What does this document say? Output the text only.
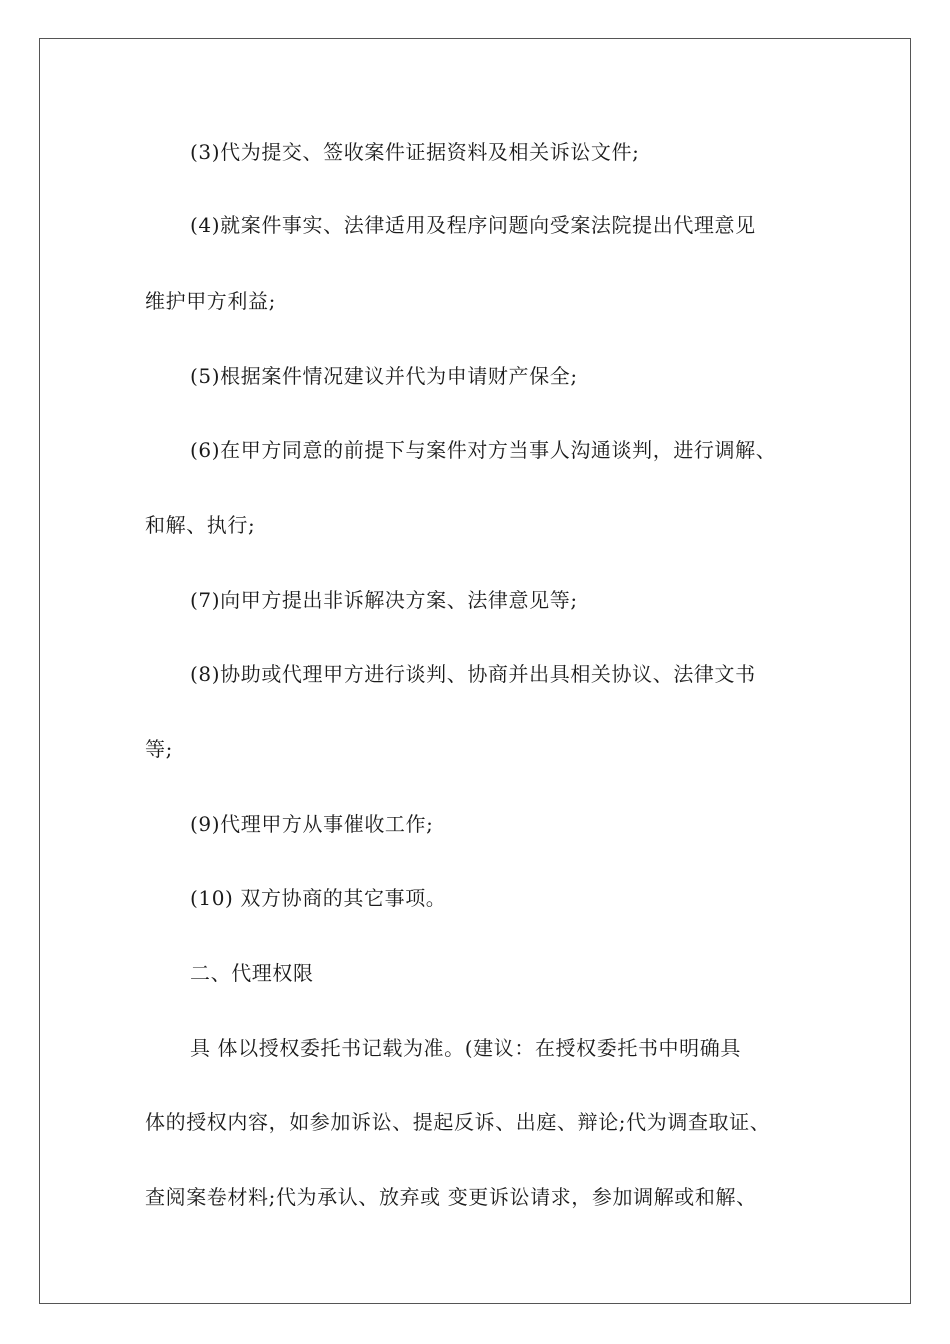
(3)代为提交、签收案件证据资料及相关诉讼文件;
(4)就案件事实、法律适用及程序问题向受案法院提出代理意见
维护甲方利益;
(5)根据案件情况建议并代为申请财产保全;
(6)在甲方同意的前提下与案件对方当事人沟通谈判，进行调解、
和解、执行;
(7)向甲方提出非诉解决方案、法律意见等;
(8)协助或代理甲方进行谈判、协商并出具相关协议、法律文书
等;
(9)代理甲方从事催收工作;
(10) 双方协商的其它事项。
二、代理权限
具 体以授权委托书记载为准。(建议：在授权委托书中明确具
体的授权内容，如参加诉讼、提起反诉、出庭、辩论;代为调查取证、
查阅案卷材料;代为承认、放弃或 变更诉讼请求，参加调解或和解、
